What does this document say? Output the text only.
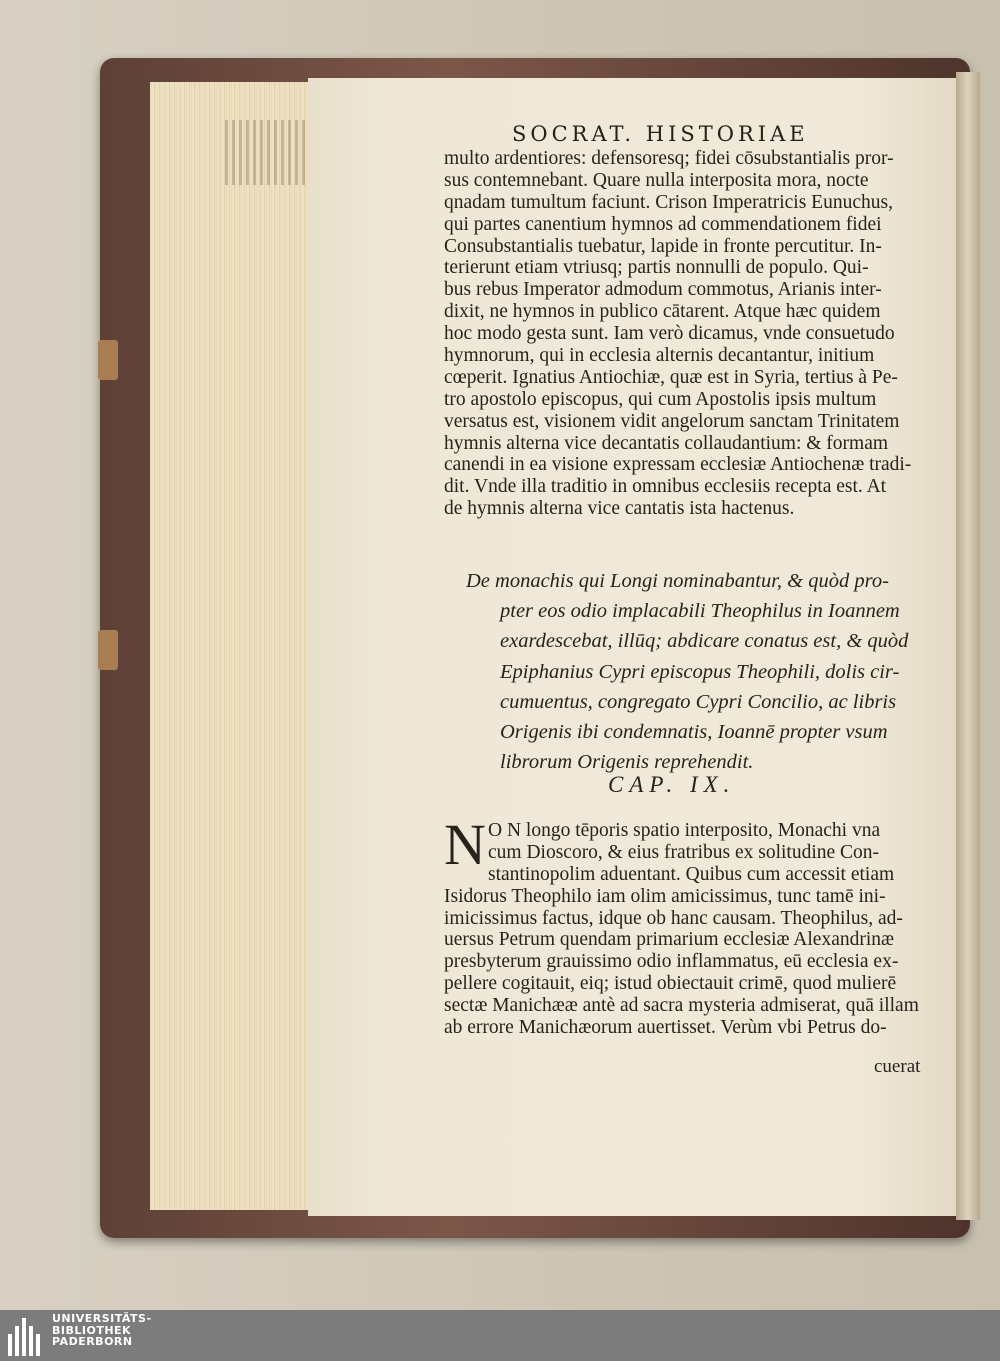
SOCRAT. HISTORIAE
multo ardentiores: defensoresq; fidei cōsubstantialis pror-
sus contemnebant. Quare nulla interposita mora, nocte
qnadam tumultum faciunt. Crison Imperatricis Eunuchus,
qui partes canentium hymnos ad commendationem fidei
Consubstantialis tuebatur, lapide in fronte percutitur. In-
terierunt etiam vtriusq; partis nonnulli de populo. Qui-
bus rebus Imperator admodum commotus, Arianis inter-
dixit, ne hymnos in publico cātarent. Atque hæc quidem
hoc modo gesta sunt. Iam verò dicamus, vnde consuetudo
hymnorum, qui in ecclesia alternis decantantur, initium
cœperit. Ignatius Antiochiæ, quæ est in Syria, tertius à Pe-
tro apostolo episcopus, qui cum Apostolis ipsis multum
versatus est, visionem vidit angelorum sanctam Trinitatem
hymnis alterna vice decantatis collaudantium: & formam
canendi in ea visione expressam ecclesiæ Antiochenæ tradi-
dit. Vnde illa traditio in omnibus ecclesiis recepta est. At
de hymnis alterna vice cantatis ista hactenus.
De monachis qui Longi nominabantur, & quòd pro-
pter eos odio implacabili Theophilus in Ioannem
exardescebat, illūq; abdicare conatus est, & quòd
Epiphanius Cypri episcopus Theophili, dolis cir-
cumuentus, congregato Cypri Concilio, ac libris
Origenis ibi condemnatis, Ioannē propter vsum
librorum Origenis reprehendit.
CAP. IX.
N O N longo tēporis spatio interposito, Monachi vna
cum Dioscoro, & eius fratribus ex solitudine Con-
stantinopolim aduentant. Quibus cum accessit etiam
Isidorus Theophilo iam olim amicissimus, tunc tamē ini-
imicissimus factus, idque ob hanc causam. Theophilus, ad-
uersus Petrum quendam primarium ecclesiæ Alexandrinæ
presbyterum grauissimo odio inflammatus, eū ecclesia ex-
pellere cogitauit, eiq; istud obiectauit crimē, quod mulierē
sectæ Manichææ antè ad sacra mysteria admiserat, quā illam
ab errore Manichæorum auertisset. Verùm vbi Petrus do-
cuerat
UNIVERSITÄTS-
BIBLIOTHEK
PADERBORN
